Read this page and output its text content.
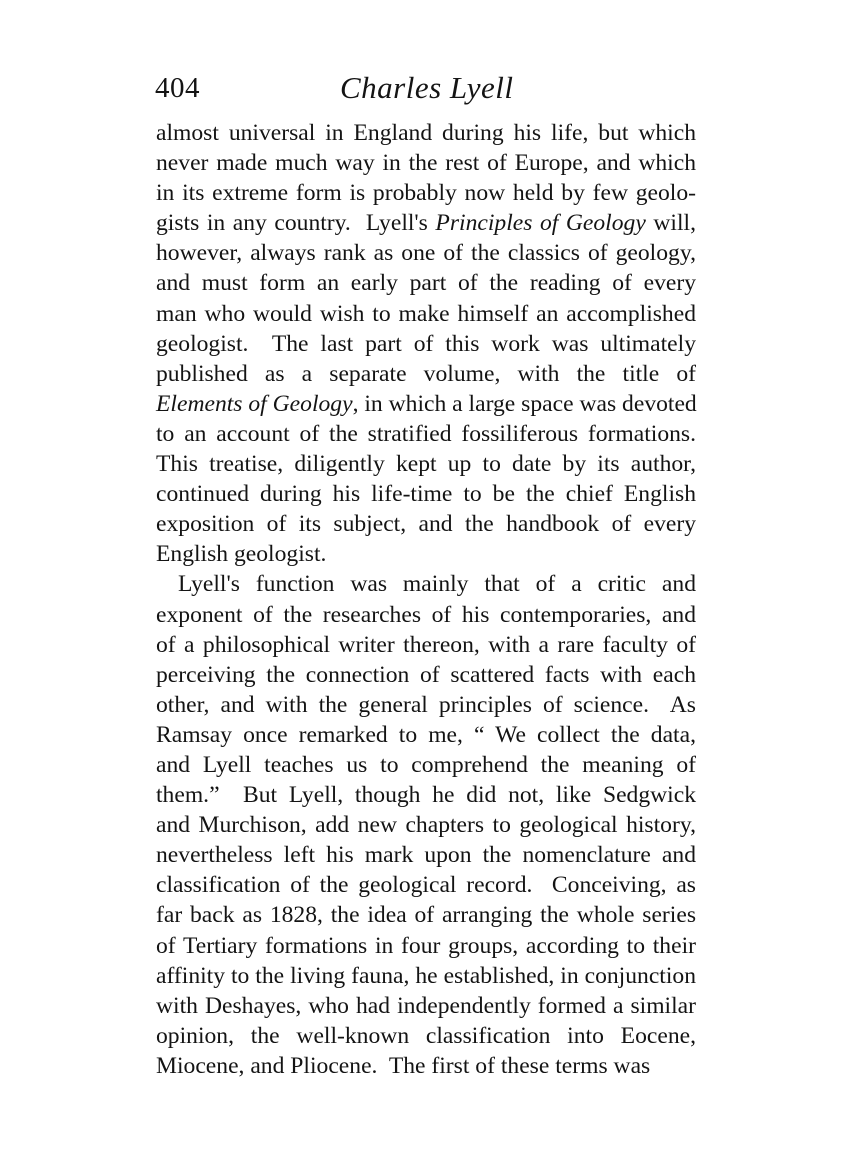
404	Charles Lyell
almost universal in England during his life, but which
never made much way in the rest of Europe, and which
in its extreme form is probably now held by few geolo-
gists in any country.  Lyell's Principles of Geology will,
however, always rank as one of the classics of geology,
and must form an early part of the reading of every
man who would wish to make himself an accomplished
geologist.  The last part of this work was ultimately
published as a separate volume, with the title of
Elements of Geology, in which a large space was devoted
to an account of the stratified fossiliferous formations.
This treatise, diligently kept up to date by its author,
continued during his life-time to be the chief English
exposition of its subject, and the handbook of every
English geologist.
Lyell's function was mainly that of a critic and
exponent of the researches of his contemporaries, and
of a philosophical writer thereon, with a rare faculty of
perceiving the connection of scattered facts with each
other, and with the general principles of science.  As
Ramsay once remarked to me, “ We collect the data,
and Lyell teaches us to comprehend the meaning of
them.”  But Lyell, though he did not, like Sedgwick
and Murchison, add new chapters to geological history,
nevertheless left his mark upon the nomenclature and
classification of the geological record.  Conceiving, as
far back as 1828, the idea of arranging the whole series
of Tertiary formations in four groups, according to their
affinity to the living fauna, he established, in conjunction
with Deshayes, who had independently formed a similar
opinion, the well-known classification into Eocene,
Miocene, and Pliocene.  The first of these terms was
